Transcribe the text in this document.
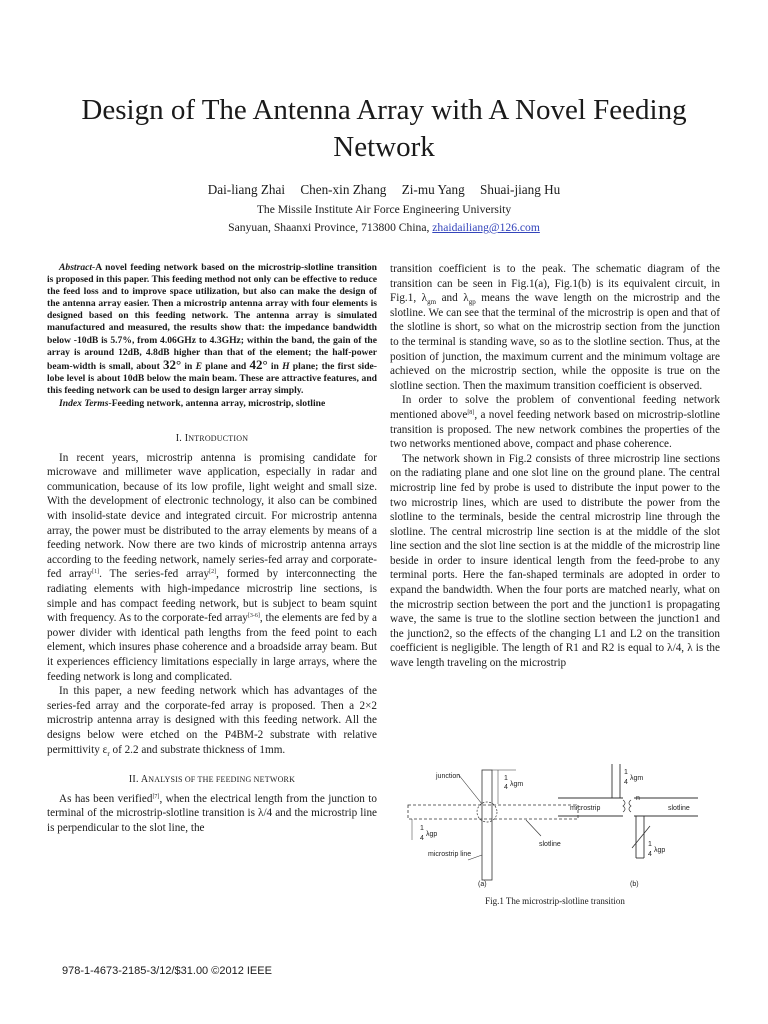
Design of The Antenna Array with A Novel Feeding Network
Dai-liang Zhai Chen-xin Zhang Zi-mu Yang Shuai-jiang Hu
The Missile Institute Air Force Engineering University
Sanyuan, Shaanxi Province, 713800 China, zhaidailiang@126.com

Abstract-A novel feeding network based on the microstrip-slotline transition is proposed in this paper. This feeding method not only can be effective to reduce the feed loss and to improve space utilization, but also can make the design of the antenna array easier. Then a microstrip antenna array with four elements is designed based on this feeding network. The antenna array is simulated manufactured and measured, the results show that: the impedance bandwidth below -10dB is 5.7%, from 4.06GHz to 4.3GHz; within the band, the gain of the array is around 12dB, 4.8dB higher than that of the element; the half-power beam-width is small, about 32° in E plane and 42° in H plane; the first side-lobe level is about 10dB below the main beam. These are attractive features, and this feeding network can be used to design larger array simply.

Index Terms-Feeding network, antenna array, microstrip, slotline

I. INTRODUCTION

In recent years, microstrip antenna is promising candidate for microwave and millimeter wave application, especially in radar and communication, because of its low profile, light weight and small size. With the development of electronic technology, it also can be combined with insolid-state device and integrated circuit. For microstrip antenna array, the power must be distributed to the array elements by means of a feeding network. Now there are two kinds of microstrip antenna arrays according to the feeding network, namely series-fed array and corporate-fed array[1]. The series-fed array[2], formed by interconnecting the radiating elements with high-impedance microstrip line sections, is simple and has compact feeding network, but is subject to beam squint with frequency. As to the corporate-fed array[3-6], the elements are fed by a power divider with identical path lengths from the feed point to each element, which insures phase coherence and a broadside array beam. But it experiences efficiency limitations especially in large arrays, where the feeding network is long and complicated.

In this paper, a new feeding network which has advantages of the series-fed array and the corporate-fed array is proposed. Then a 2×2 microstrip antenna array is designed with this feeding network. All the designs below were etched on the P4BM-2 substrate with relative permittivity $\varepsilon_r$ of 2.2 and substrate thickness of 1mm.

II. ANALYSIS OF THE FEEDING NETWORK

As has been verified[7], when the electrical length from the junction to terminal of the microstrip-slotline transition is λ/4 and the microstrip line is perpendicular to the slot line, the

transition coefficient is to the peak. The schematic diagram of the transition can be seen in Fig.1(a), Fig.1(b) is its equivalent circuit, in Fig.1, $\lambda_{gm}$ and $\lambda_{gp}$ means the wave length on the microstrip and the slotline. We can see that the terminal of the microstrip is open and that of the slotline is short, so what on the microstrip section from the junction to the terminal is standing wave, so as to the slotline section. Thus, at the position of junction, the maximum current and the minimum voltage are achieved on the microstrip section, while the opposite is true on the slotline section. Then the maximum transition coefficient is observed.

In order to solve the problem of conventional feeding network mentioned above[8], a novel feeding network based on microstrip-slotline transition is proposed. The new network combines the properties of the two networks mentioned above, compact and phase coherence.

The network shown in Fig.2 consists of three microstrip line sections on the radiating plane and one slot line on the ground plane. The central microstrip line fed by probe is used to distribute the input power to the two microstrip lines, which are used to distribute the power from the slotline to the terminals, beside the central microstrip line through the slotline. The central microstrip line section is at the middle of the slot line section and the slot line section is at the middle of the microstrip line beside in order to insure identical length from the feed-probe to any terminal ports. Here the fan-shaped terminals are adopted in order to expand the bandwidth. When the four ports are matched nearly, what on the microstrip section between the port and the junction1 is propagating wave, the same is true to the slotline section between the junction1 and the junction2, so the effects of the changing L1 and L2 on the transition coefficient is negligible. The length of R1 and R2 is equal to λ/4, λ is the wave length traveling on the microstrip

junction	1
4 λgm
slotline
1
4
λgp
microstrip line
1
4
λgm
microstrip	slotline
n
1
4
λgp
(a)	(b)
Fig.1 The microstrip-slotline transition
978-1-4673-2185-3/12/$31.00 ©2012 IEEE
